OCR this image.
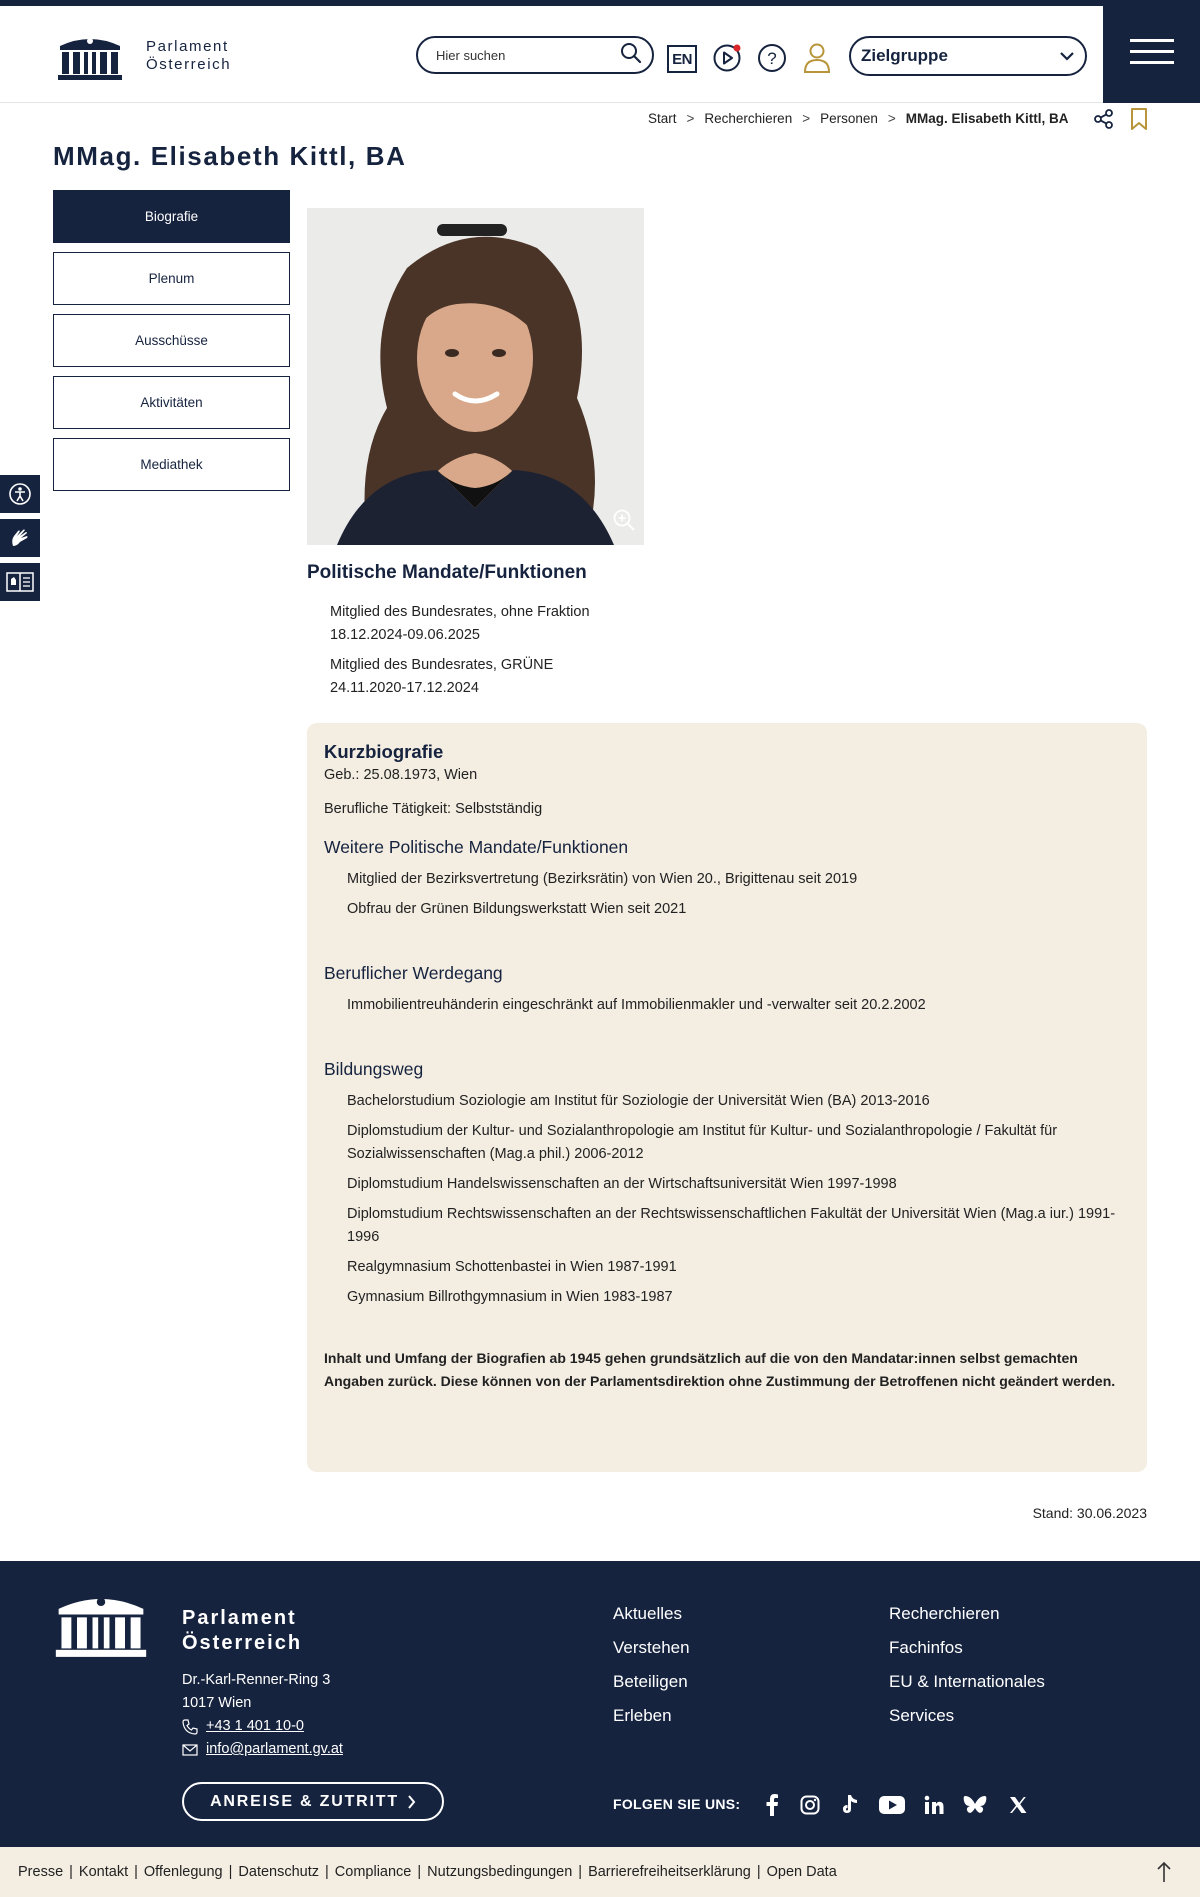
Parlament
Österreich
Hier suchen	EN	?	Zielgruppe
Start > Recherchieren > Personen > MMag. Elisabeth Kittl, BA
MMag. Elisabeth Kittl, BA
Biografie
Plenum
Ausschüsse
Aktivitäten
Mediathek
Politische Mandate/Funktionen
Mitglied des Bundesrates, ohne Fraktion
18.12.2024-09.06.2025
Mitglied des Bundesrates, GRÜNE
24.11.2020-17.12.2024
Kurzbiografie
Geb.: 25.08.1973, Wien
Berufliche Tätigkeit: Selbstständig
Weitere Politische Mandate/Funktionen
Mitglied der Bezirksvertretung (Bezirksrätin) von Wien 20., Brigittenau seit 2019
Obfrau der Grünen Bildungswerkstatt Wien seit 2021
Beruflicher Werdegang
Immobilientreuhänderin eingeschränkt auf Immobilienmakler und -verwalter seit 20.2.2002
Bildungsweg
Bachelorstudium Soziologie am Institut für Soziologie der Universität Wien (BA) 2013-2016
Diplomstudium der Kultur- und Sozialanthropologie am Institut für Kultur- und Sozialanthropologie / Fakultät für Sozialwissenschaften (Mag.a phil.) 2006-2012
Diplomstudium Handelswissenschaften an der Wirtschaftsuniversität Wien 1997-1998
Diplomstudium Rechtswissenschaften an der Rechtswissenschaftlichen Fakultät der Universität Wien (Mag.a iur.) 1991-1996
Realgymnasium Schottenbastei in Wien 1987-1991
Gymnasium Billrothgymnasium in Wien 1983-1987

Inhalt und Umfang der Biografien ab 1945 gehen grundsätzlich auf die von den Mandatar:innen selbst gemachten Angaben zurück. Diese können von der Parlamentsdirektion ohne Zustimmung der Betroffenen nicht geändert werden.

Stand: 30.06.2023
Parlament
Österreich
Dr.-Karl-Renner-Ring 3
1017 Wien
+43 1 401 10-0
info@parlament.gv.at
ANREISE & ZUTRITT
Aktuelles
Verstehen
Beteiligen
Erleben
Recherchieren
Fachinfos
EU & Internationales
Services
FOLGEN SIE UNS:
Presse | Kontakt | Offenlegung | Datenschutz | Compliance | Nutzungsbedingungen | Barrierefreiheitserklärung | Open Data
